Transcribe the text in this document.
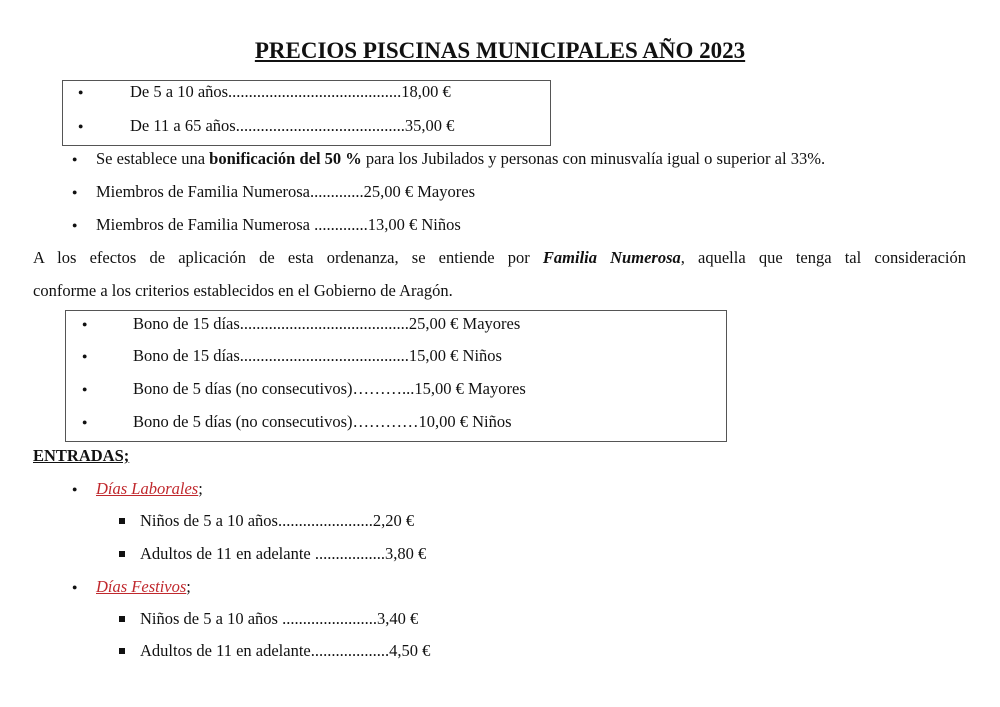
PRECIOS PISCINAS MUNICIPALES AÑO 2023
●	De 5 a 10 años..........................................18,00 €
●	De 11 a 65 años.........................................35,00 €
● Se establece una bonificación del 50 % para los Jubilados y personas con minusvalía igual o superior al 33%.
● Miembros de Familia Numerosa.............25,00 € Mayores
● Miembros de Familia Numerosa .............13,00 € Niños
A los efectos de aplicación de esta ordenanza, se entiende por Familia Numerosa, aquella que tenga tal consideración
conforme a los criterios establecidos en el Gobierno de Aragón.
●	Bono de 15 días.........................................25,00 € Mayores
●	Bono de 15 días.........................................15,00 € Niños
●	Bono de 5 días (no consecutivos)………...15,00 € Mayores
●	Bono de 5 días (no consecutivos)…………10,00 € Niños
ENTRADAS;
● Días Laborales;
Niños de 5 a 10 años.......................2,20 €
Adultos de 11 en adelante .................3,80 €
● Días Festivos;
Niños de 5 a 10 años .......................3,40 €
Adultos de 11 en adelante...................4,50 €
